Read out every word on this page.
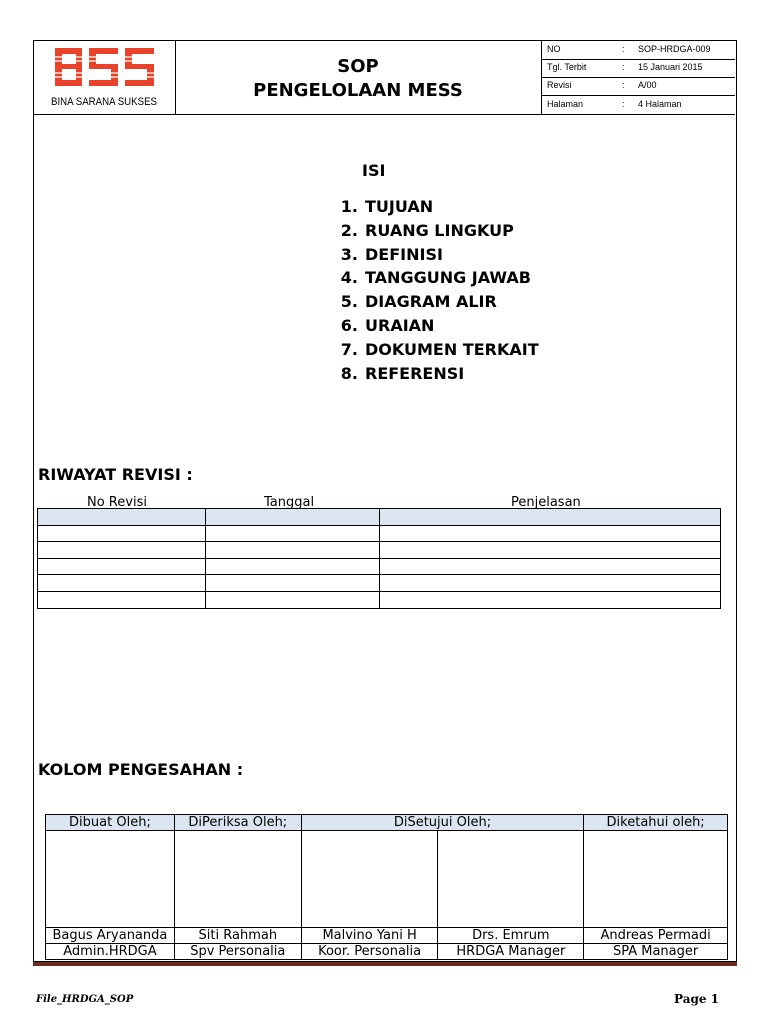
BINA SARANA SUKSES
SOP
PENGELOLAAN MESS
NO	: SOP-HRDGA-009
Tgl. Terbit	: 15 Januari 2015
Revisi	: A/00
Halaman	: 4 Halaman
ISI
1. TUJUAN
2. RUANG LINGKUP
3. DEFINISI
4. TANGGUNG JAWAB
5. DIAGRAM ALIR
6. URAIAN
7. DOKUMEN TERKAIT
8. REFERENSI
RIWAYAT REVISI :
No Revisi	Tanggal	Penjelasan

KOLOM PENGESAHAN :
Dibuat Oleh;	DiPeriksa Oleh;	DiSetujui Oleh;		Diketahui oleh;

Bagus Aryananda	Siti Rahmah	Malvino Yani H	Drs. Emrum	Andreas Permadi
Admin.HRDGA	Spv Personalia	Koor. Personalia	HRDGA Manager	SPA Manager
File_HRDGA_SOP	Page 1
